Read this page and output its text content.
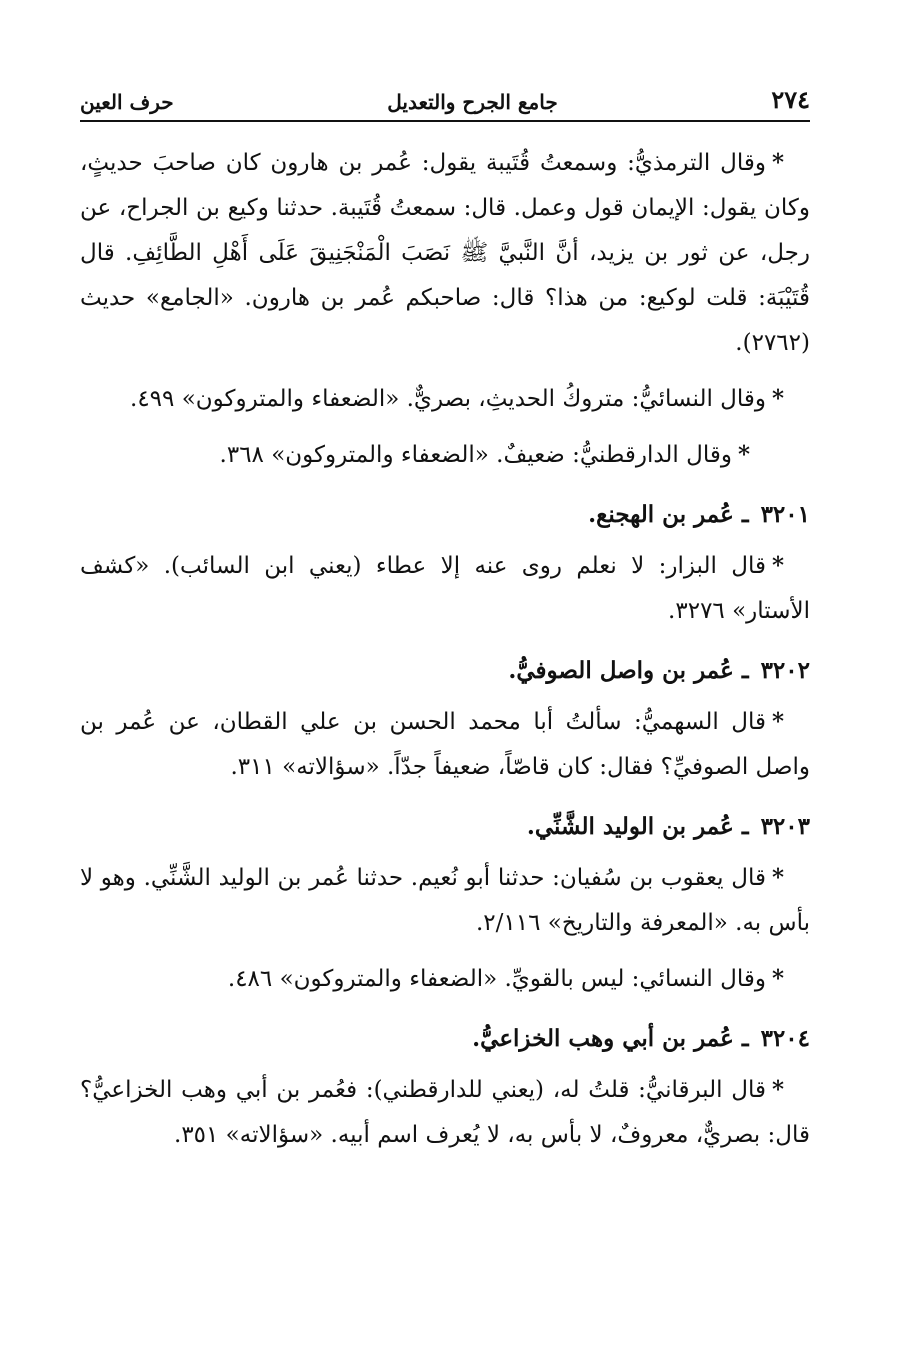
٢٧٤
جامع الجرح والتعديل
حرف العين

*وقال الترمذيُّ: وسمعتُ قُتَيبة يقول: عُمر بن هارون كان صاحبَ حديثٍ، وكان يقول: الإيمان قول وعمل. قال: سمعتُ قُتَيبة. حدثنا وكيع بن الجراح، عن رجل، عن ثور بن يزيد، أنَّ النَّبيَّ ﷺ نَصَبَ الْمَنْجَنِيقَ عَلَى أَهْلِ الطَّائِفِ. قال قُتَيْبَة: قلت لوكيع: من هذا؟ قال: صاحبكم عُمر بن هارون. «الجامع» حديث (٢٧٦٢).

*وقال النسائيُّ: متروكُ الحديثِ، بصريٌّ. «الضعفاء والمتروكون» ٤٩٩.

*وقال الدارقطنيُّ: ضعيفٌ. «الضعفاء والمتروكون» ٣٦٨.

٣٢٠١ ـ عُمر بن الهجنع.

*قال البزار: لا نعلم روى عنه إلا عطاء (يعني ابن السائب). «كشف الأستار» ٣٢٧٦.

٣٢٠٢ ـ عُمر بن واصل الصوفيُّ.

*قال السهميُّ: سألتُ أبا محمد الحسن بن علي القطان، عن عُمر بن واصل الصوفيِّ؟ فقال: كان قاصّاً، ضعيفاً جدّاً. «سؤالاته» ٣١١.

٣٢٠٣ ـ عُمر بن الوليد الشَّنِّي.

*قال يعقوب بن سُفيان: حدثنا أبو نُعيم. حدثنا عُمر بن الوليد الشَّنِّي. وهو لا بأس به. «المعرفة والتاريخ» ٢/١١٦.

*وقال النسائي: ليس بالقويِّ. «الضعفاء والمتروكون» ٤٨٦.

٣٢٠٤ ـ عُمر بن أبي وهب الخزاعيُّ.

*قال البرقانيُّ: قلتُ له، (يعني للدارقطني): فعُمر بن أبي وهب الخزاعيُّ؟ قال: بصريٌّ، معروفٌ، لا بأس به، لا يُعرف اسم أبيه. «سؤالاته» ٣٥١.
